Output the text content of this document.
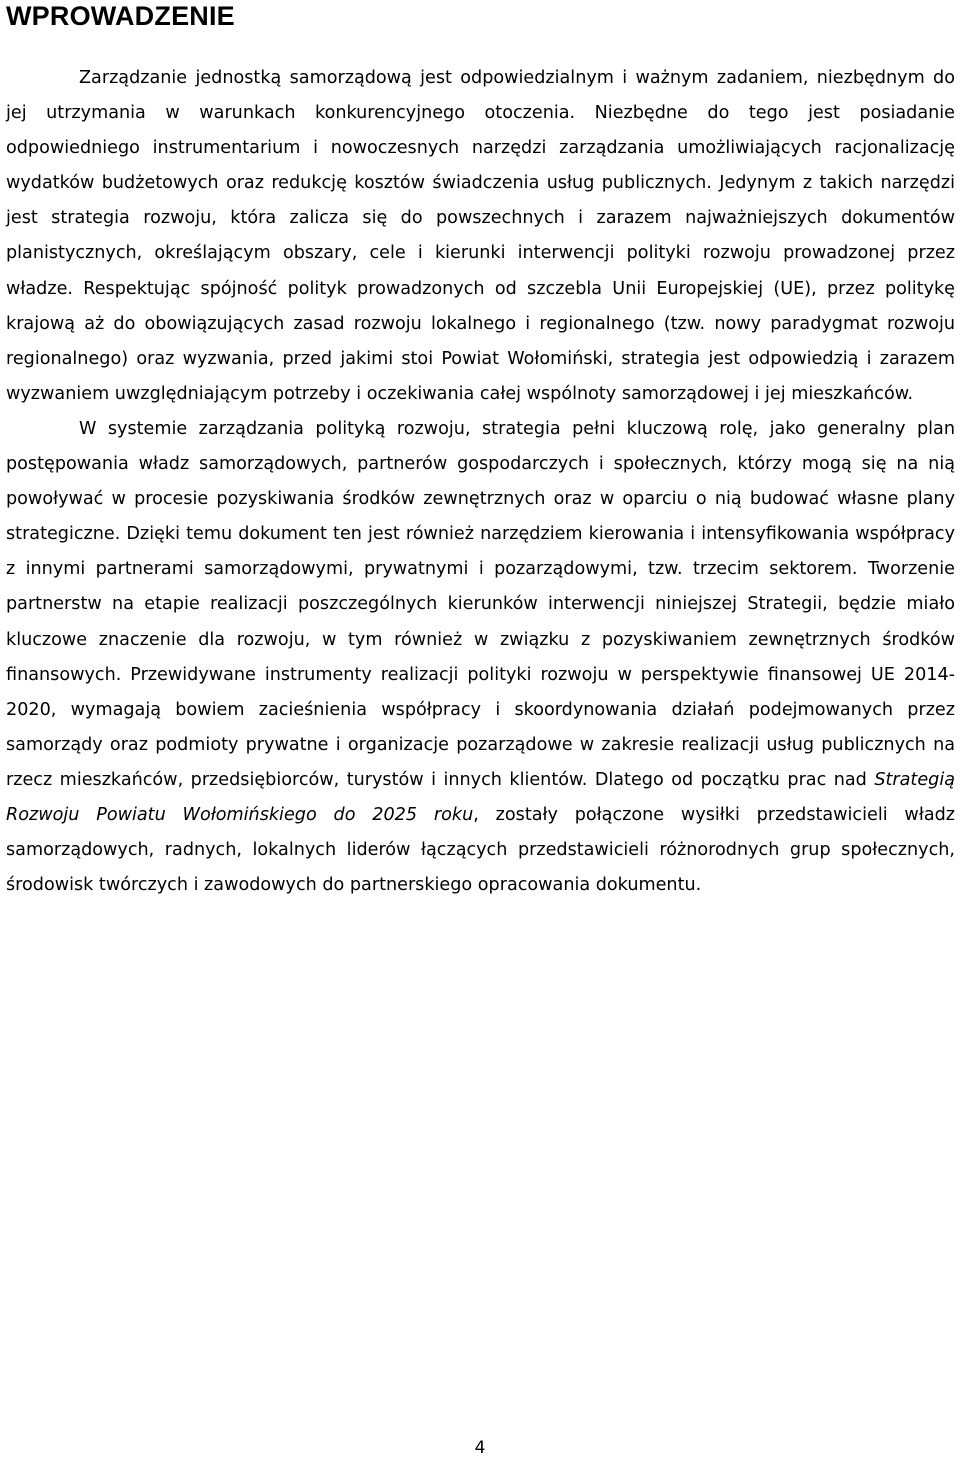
WPROWADZENIE

Zarządzanie jednostką samorządową jest odpowiedzialnym i ważnym zadaniem, niezbędnym do jej utrzymania w warunkach konkurencyjnego otoczenia. Niezbędne do tego jest posiadanie odpowiedniego instrumentarium i nowoczesnych narzędzi zarządzania umożliwiających racjonalizację wydatków budżetowych oraz redukcję kosztów świadczenia usług publicznych. Jedynym z takich narzędzi jest strategia rozwoju, która zalicza się do powszechnych i zarazem najważniejszych dokumentów planistycznych, określającym obszary, cele i kierunki interwencji polityki rozwoju prowadzonej przez władze. Respektując spójność polityk prowadzonych od szczebla Unii Europejskiej (UE), przez politykę krajową aż do obowiązujących zasad rozwoju lokalnego i regionalnego (tzw. nowy paradygmat rozwoju regionalnego) oraz wyzwania, przed jakimi stoi Powiat Wołomiński, strategia jest odpowiedzią i zarazem wyzwaniem uwzględniającym potrzeby i oczekiwania całej wspólnoty samorządowej i jej mieszkańców.

W systemie zarządzania polityką rozwoju, strategia pełni kluczową rolę, jako generalny plan postępowania władz samorządowych, partnerów gospodarczych i społecznych, którzy mogą się na nią powoływać w procesie pozyskiwania środków zewnętrznych oraz w oparciu o nią budować własne plany strategiczne. Dzięki temu dokument ten jest również narzędziem kierowania i intensyfikowania współpracy z innymi partnerami samorządowymi, prywatnymi i pozarządowymi, tzw. trzecim sektorem. Tworzenie partnerstw na etapie realizacji poszczególnych kierunków interwencji niniejszej Strategii, będzie miało kluczowe znaczenie dla rozwoju, w tym również w związku z pozyskiwaniem zewnętrznych środków finansowych. Przewidywane instrumenty realizacji polityki rozwoju w perspektywie finansowej UE 2014-2020, wymagają bowiem zacieśnienia współpracy i skoordynowania działań podejmowanych przez samorządy oraz podmioty prywatne i organizacje pozarządowe w zakresie realizacji usług publicznych na rzecz mieszkańców, przedsiębiorców, turystów i innych klientów. Dlatego od początku prac nad Strategią Rozwoju Powiatu Wołomińskiego do 2025 roku, zostały połączone wysiłki przedstawicieli władz samorządowych, radnych, lokalnych liderów łączących przedstawicieli różnorodnych grup społecznych, środowisk twórczych i zawodowych do partnerskiego opracowania dokumentu.

4
